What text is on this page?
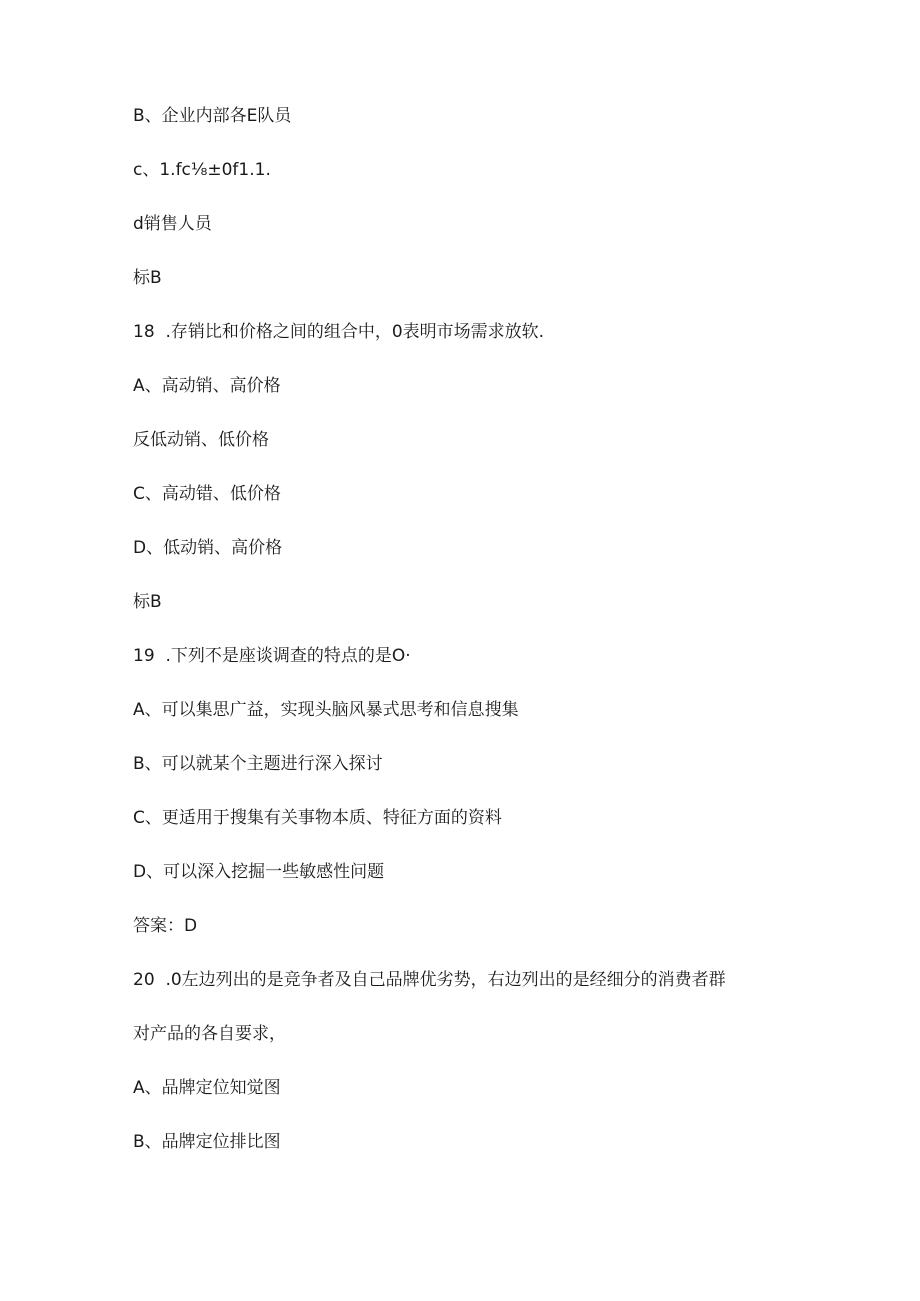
B、企业内部各E队员

c、1.fc⅛±0f1.1.

d销售人员

标B

18  .存销比和价格之间的组合中，0表明市场需求放软.

A、高动销、高价格

反低动销、低价格

C、高动错、低价格

D、低动销、高价格

标B

19  .下列不是座谈调查的特点的是O·

A、可以集思广益，实现头脑风暴式思考和信息搜集

B、可以就某个主题进行深入探讨

C、更适用于搜集有关事物本质、特征方面的资料

D、可以深入挖掘一些敏感性问题

答案：D

20  .0左边列出的是竞争者及自己品牌优劣势，右边列出的是经细分的消费者群

对产品的各自要求，

A、品牌定位知觉图

B、品牌定位排比图
